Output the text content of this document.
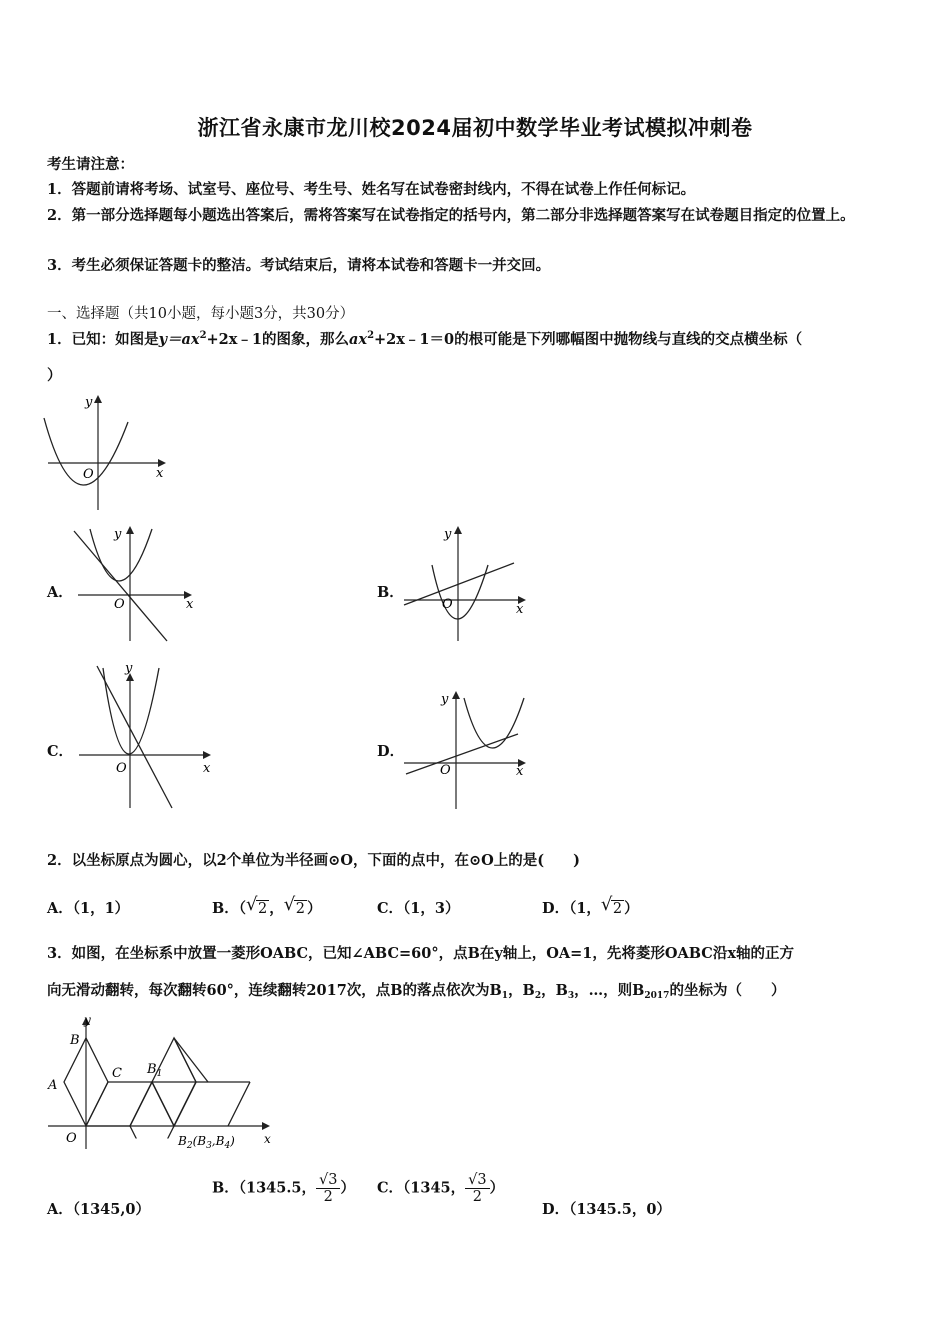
浙江省永康市龙川校2024届初中数学毕业考试模拟冲刺卷
考生请注意：
1．答题前请将考场、试室号、座位号、考生号、姓名写在试卷密封线内，不得在试卷上作任何标记。
2．第一部分选择题每小题选出答案后，需将答案写在试卷指定的括号内，第二部分非选择题答案写在试卷题目指定的位置上。
3．考生必须保证答题卡的整洁。考试结束后，请将本试卷和答题卡一并交回。
一、选择题（共10小题，每小题3分，共30分）
1．已知：如图是$y=ax^2+2x﹣1$的图象，那么$ax^2+2x﹣1=0$的根可能是下列哪幅图中抛物线与直线的交点横坐标（
）
y
x
O
A．
y
x
O
B．
y
x
O
C．
y
x
O
D．
y
x
O
2．以坐标原点为圆心，以2个单位为半径画⊙O，下面的点中，在⊙O上的是(　　)
A．（1，1）	B．（ √ 2 ， √ 2 ）	C．（1，3）	D．（1， √ 2 ）
3．如图，在坐标系中放置一菱形OABC，已知∠ABC=60°，点B在y轴上，OA=1，先将菱形OABC沿x轴的正方
向无滑动翻转，每次翻转60°，连续翻转2017次，点B的落点依次为$B_1$，$B_2$，$B_3$，…，则$B_{2017}$的坐标为（　　）
y
x
B
A
O
C $B_1$
$B_2(B_3,B_4)$
A．（1345,0）
B．（1345.5， $\frac{√3}{2}$ ） C．（1345， $\frac{√3}{2}$ ）
D．（1345.5，0）
